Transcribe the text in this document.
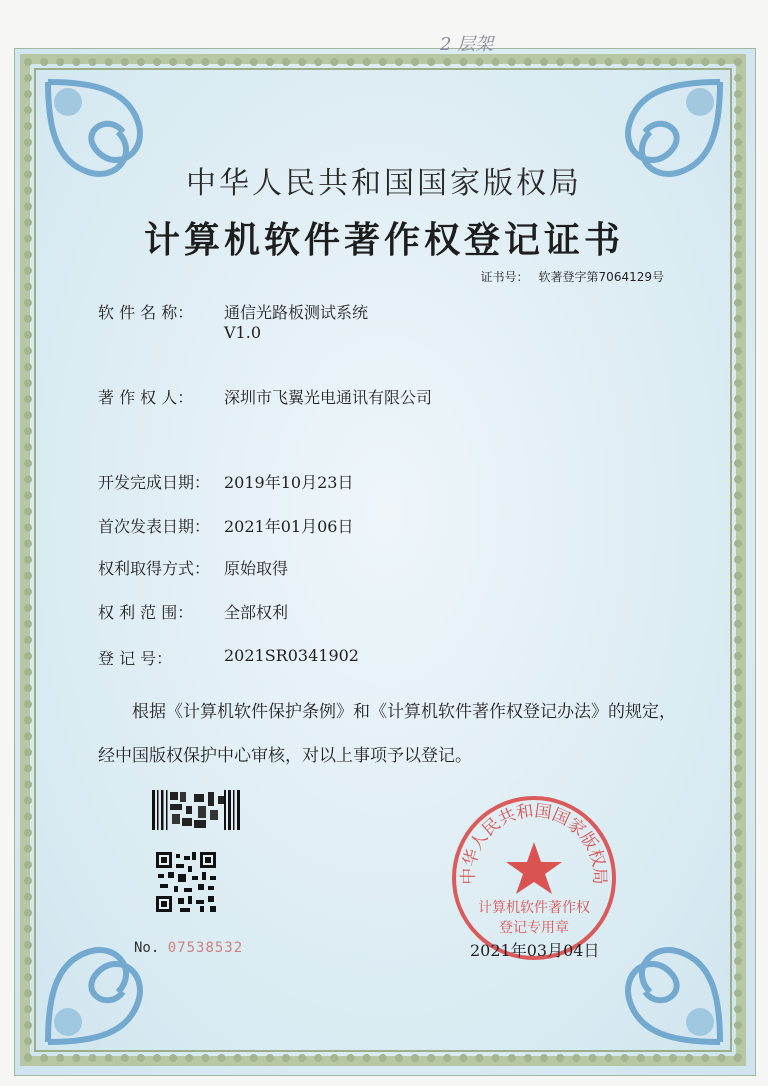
2 层架
中华人民共和国国家版权局
计算机软件著作权登记证书
证书号： 软著登字第7064129号
软 件 名 称： 通信光路板测试系统
V1.0
著 作 权 人： 深圳市飞翼光电通讯有限公司
开发完成日期： 2019年10月23日
首次发表日期： 2021年01月06日
权利取得方式： 原始取得
权 利 范 围： 全部权利
登 记 号：	2021SR0341902
根据《计算机软件保护条例》和《计算机软件著作权登记办法》的规定，经中国版权保护中心审核，对以上事项予以登记。
No. 07538532
中华人民共和国国家版权局
计算机软件著作权
登记专用章
2021年03月04日
